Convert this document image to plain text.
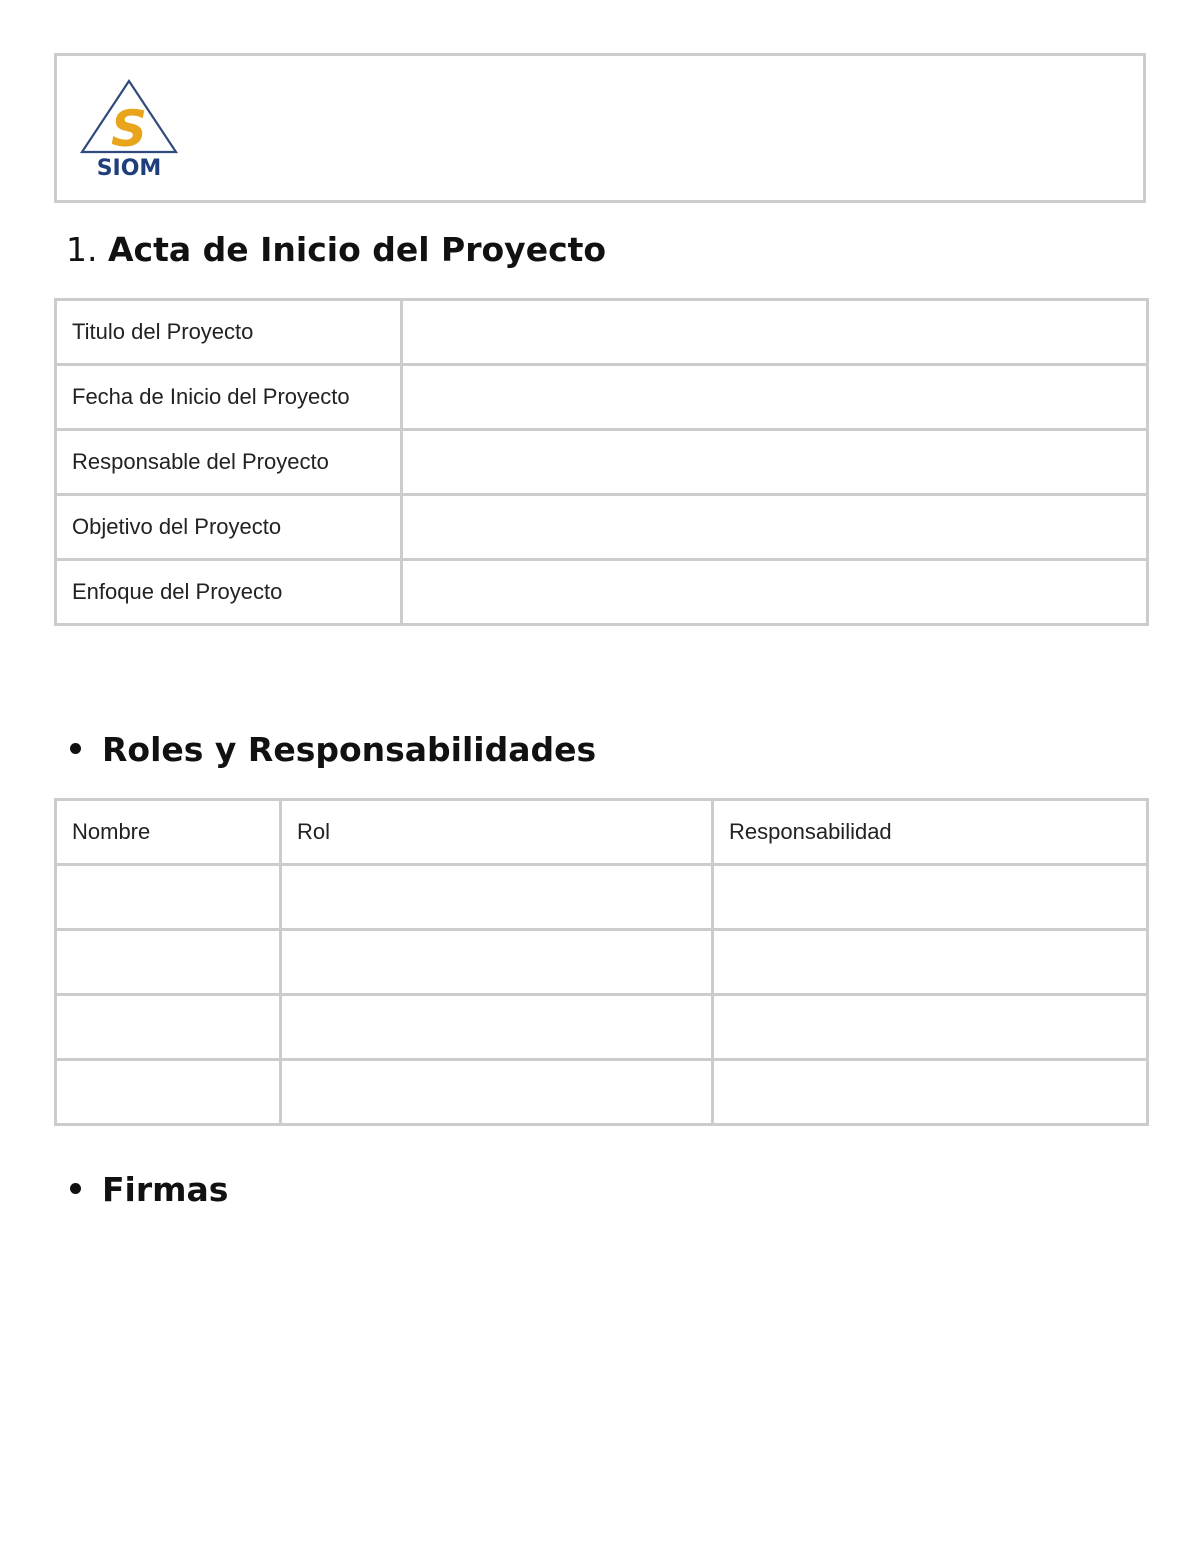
S
SIOM
1. Acta de Inicio del Proyecto
Titulo del Proyecto	
Fecha de Inicio del Proyecto	
Responsable del Proyecto	
Objetivo del Proyecto	
Enfoque del Proyecto	
Roles y Responsabilidades
Nombre	Rol	Responsabilidad

Firmas
